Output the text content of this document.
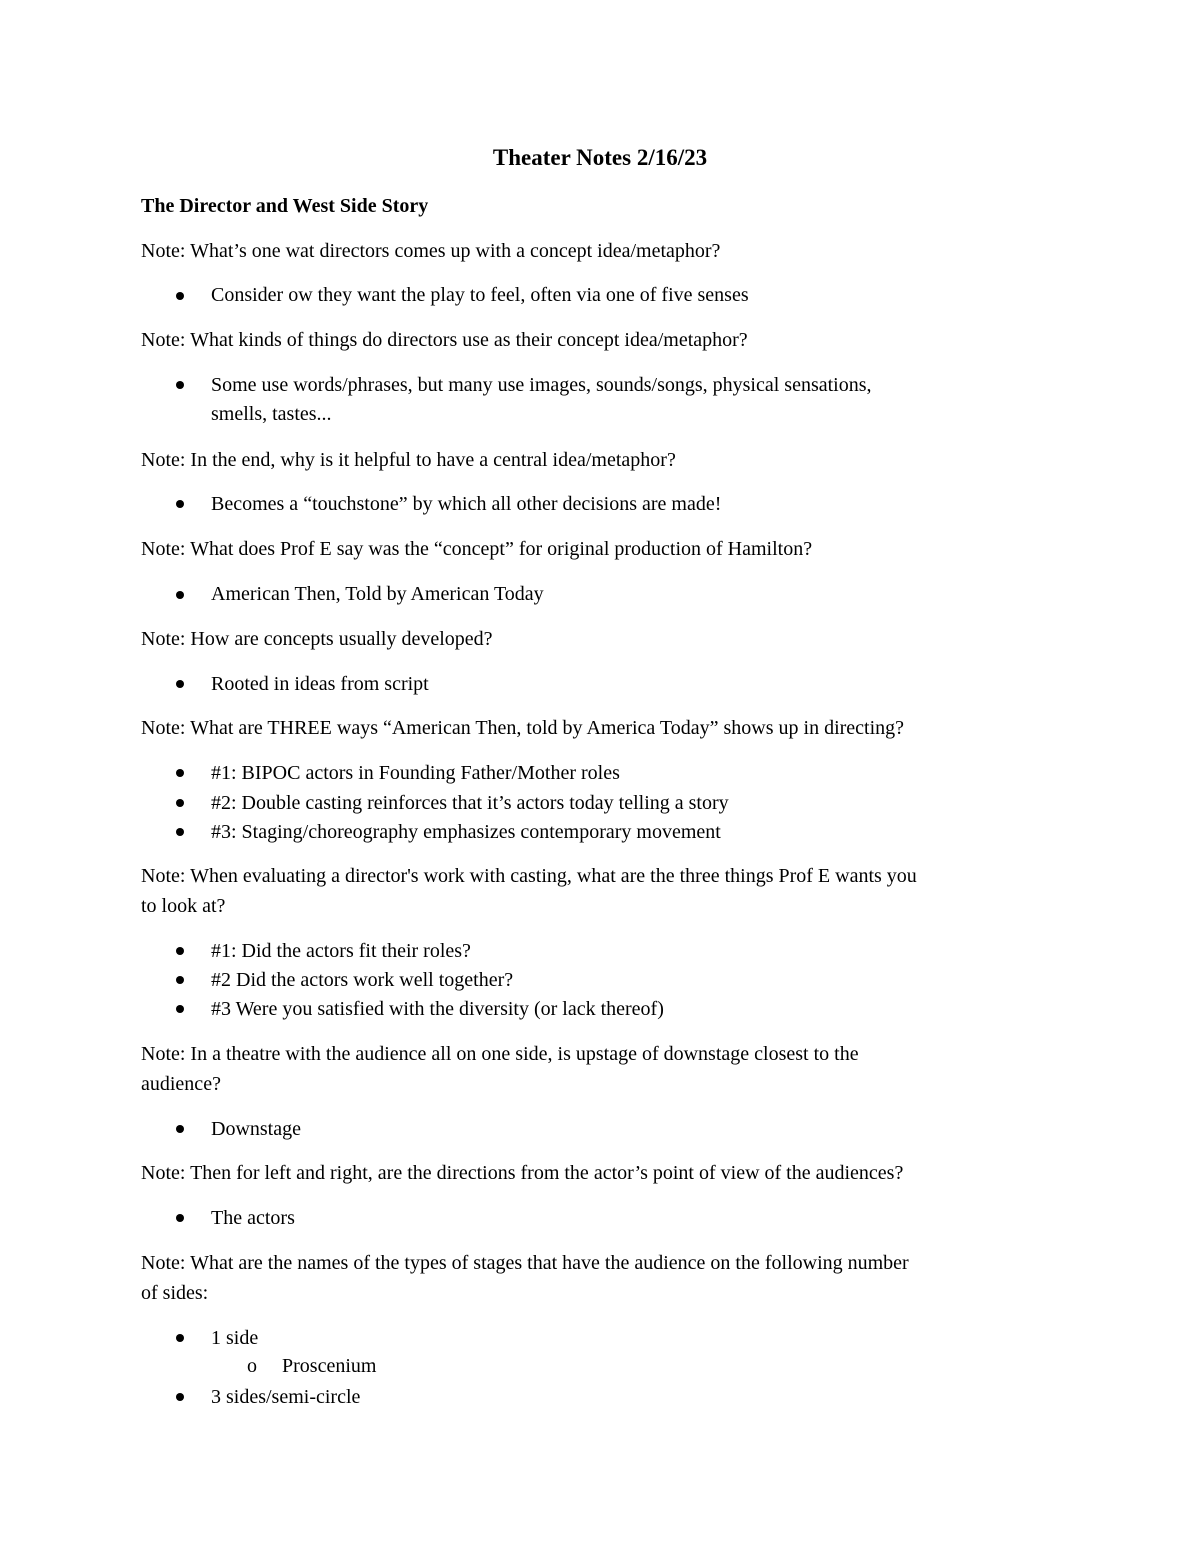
Theater Notes 2/16/23
The Director and West Side Story
Note: What’s one wat directors comes up with a concept idea/metaphor?
Consider ow they want the play to feel, often via one of five senses
Note: What kinds of things do directors use as their concept idea/metaphor?
Some use words/phrases, but many use images, sounds/songs, physical sensations,
smells, tastes...
Note: In the end, why is it helpful to have a central idea/metaphor?
Becomes a “touchstone” by which all other decisions are made!
Note: What does Prof E say was the “concept” for original production of Hamilton?
American Then, Told by American Today
Note: How are concepts usually developed?
Rooted in ideas from script
Note: What are THREE ways “American Then, told by America Today” shows up in directing?
#1: BIPOC actors in Founding Father/Mother roles
#2: Double casting reinforces that it’s actors today telling a story
#3: Staging/choreography emphasizes contemporary movement
Note: When evaluating a director's work with casting, what are the three things Prof E wants you
to look at?
#1: Did the actors fit their roles?
#2 Did the actors work well together?
#3 Were you satisfied with the diversity (or lack thereof)
Note: In a theatre with the audience all on one side, is upstage of downstage closest to the
audience?
Downstage
Note: Then for left and right, are the directions from the actor’s point of view of the audiences?
The actors
Note: What are the names of the types of stages that have the audience on the following number
of sides:
1 side
o Proscenium
3 sides/semi-circle
